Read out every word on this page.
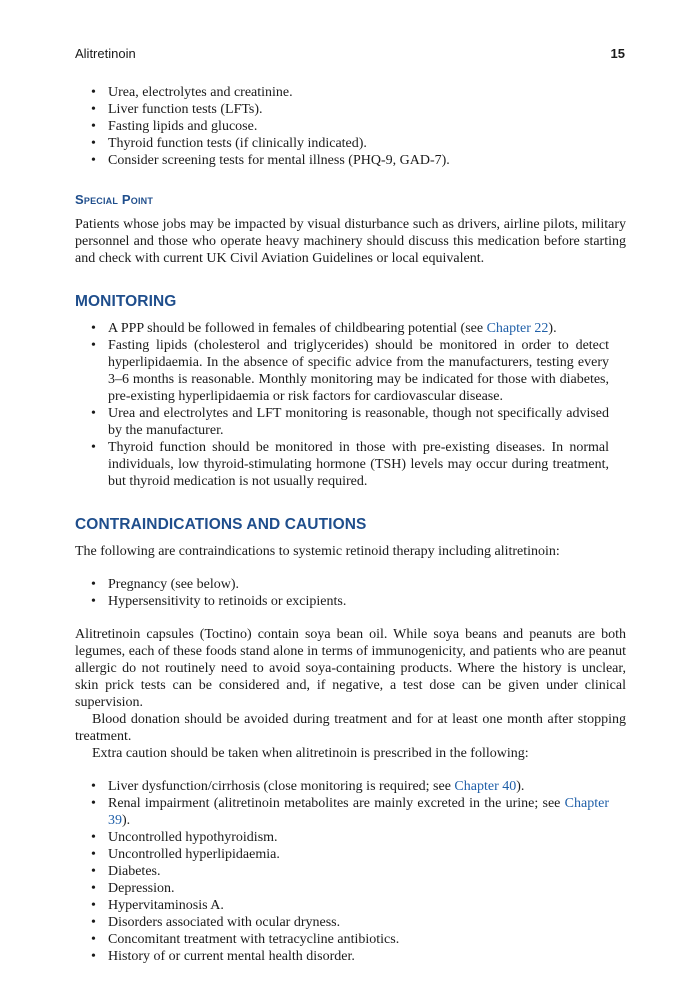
Alitretinoin	15
• Urea, electrolytes and creatinine.
• Liver function tests (LFTs).
• Fasting lipids and glucose.
• Thyroid function tests (if clinically indicated).
• Consider screening tests for mental illness (PHQ-9, GAD-7).
Special Point

Patients whose jobs may be impacted by visual disturbance such as drivers, airline pilots, military personnel and those who operate heavy machinery should discuss this medication before starting and check with current UK Civil Aviation Guidelines or local equivalent.

MONITORING
• A PPP should be followed in females of childbearing potential (see Chapter 22).
• Fasting lipids (cholesterol and triglycerides) should be monitored in order to detect hyperlipidaemia. In the absence of specific advice from the manufacturers, testing every 3–6 months is reasonable. Monthly monitoring may be indicated for those with diabetes, pre-existing hyperlipidaemia or risk factors for cardiovascular disease.
• Urea and electrolytes and LFT monitoring is reasonable, though not specifically advised by the manufacturer.
• Thyroid function should be monitored in those with pre-existing diseases. In normal individuals, low thyroid-stimulating hormone (TSH) levels may occur during treatment, but thyroid medication is not usually required.
CONTRAINDICATIONS AND CAUTIONS

The following are contraindications to systemic retinoid therapy including alitretinoin:

• Pregnancy (see below).
• Hypersensitivity to retinoids or excipients.

Alitretinoin capsules (Toctino) contain soya bean oil. While soya beans and peanuts are both legumes, each of these foods stand alone in terms of immunogenicity, and patients who are peanut allergic do not routinely need to avoid soya-containing products. Where the history is unclear, skin prick tests can be considered and, if negative, a test dose can be given under clinical supervision.

Blood donation should be avoided during treatment and for at least one month after stopping treatment.

Extra caution should be taken when alitretinoin is prescribed in the following:

• Liver dysfunction/cirrhosis (close monitoring is required; see Chapter 40).
• Renal impairment (alitretinoin metabolites are mainly excreted in the urine; see Chapter 39).
• Uncontrolled hypothyroidism.
• Uncontrolled hyperlipidaemia.
• Diabetes.
• Depression.
• Hypervitaminosis A.
• Disorders associated with ocular dryness.
• Concomitant treatment with tetracycline antibiotics.
• History of or current mental health disorder.
